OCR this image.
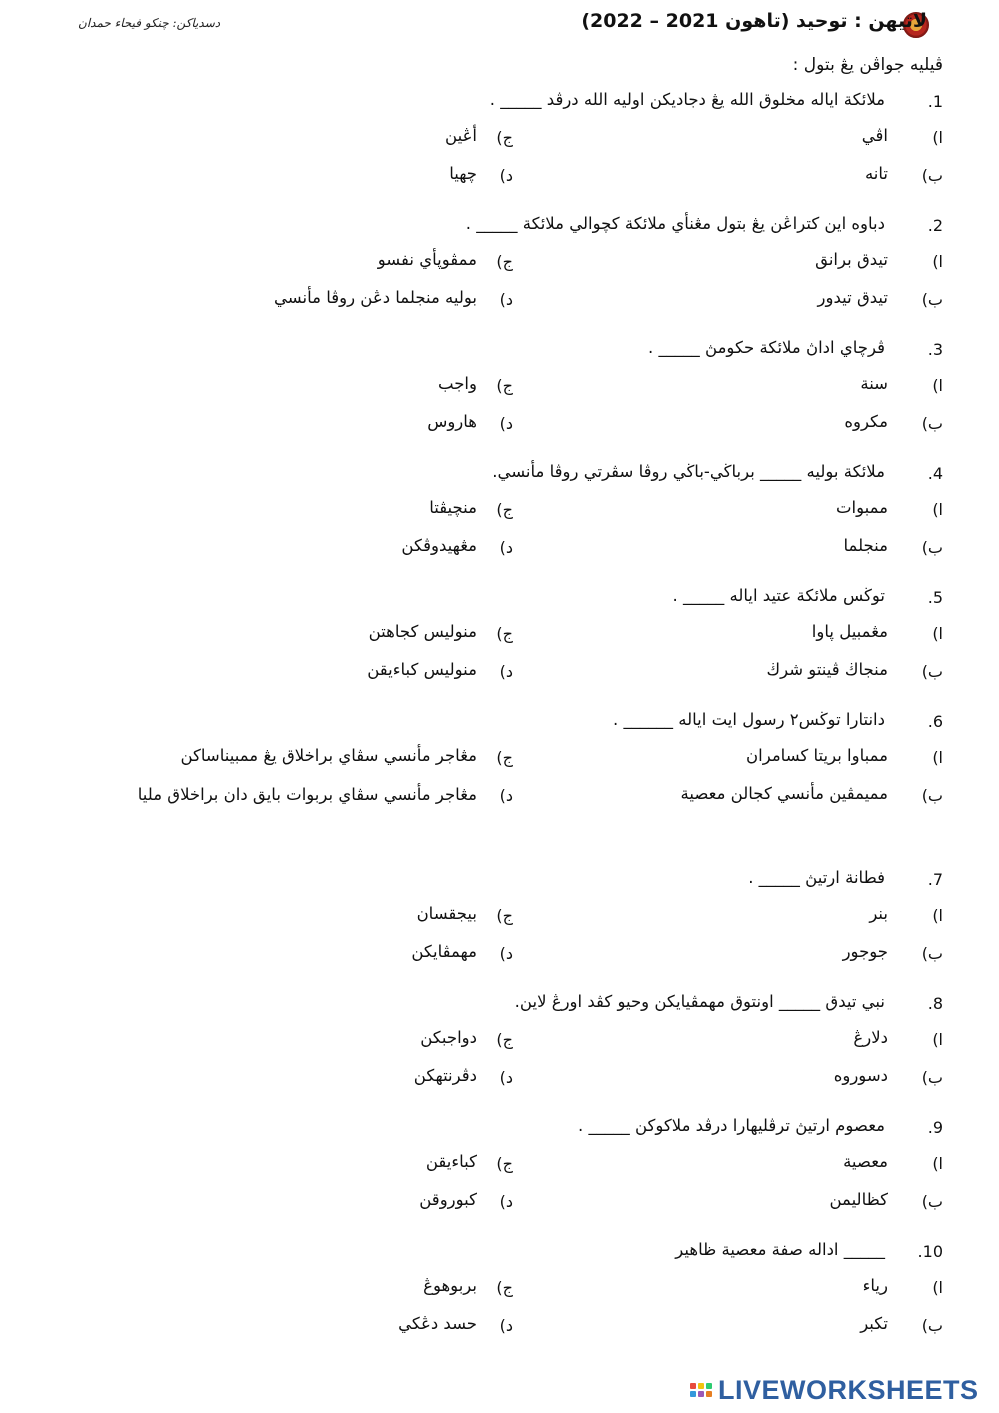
لاتيهن : توحيد (تاهون 2021 – 2022)
دسدياكن: چنكو فيحاء حمدان
ڤيليه جواڤن يڠ بتول :
1.
ملائكة اياله مخلوق الله يڠ دجاديكن اوليه الله درڤد _____ .
ا)
اڤي
ج)
أڠين
ب)
تانه
د)
چهيا
2.
دباوه اين كتراڠن يڠ بتول مڠنأي ملائكة كچوالي ملائكة _____ .
ا)
تيدق برانق
ج)
ممڤوڽأي نفسو
ب)
تيدق تيدور
د)
بوليه منجلما دڠن روڤا مأنسي
3.
ڤرچاي اداڽ ملائكة حكومڽ _____ .
ا)
سنة
ج)
واجب
ب)
مكروه
د)
هاروس
4.
ملائكة بوليه _____ برباڬي-باڬي روڤا سڤرتي روڤا مأنسي.
ا)
ممبوات
ج)
منچيڤتا
ب)
منجلما
د)
مڠهيدوڤكن
5.
توڬس ملائكة عتيد اياله _____ .
ا)
مڠمبيل ڽاوا
ج)
منوليس كجاهتن
ب)
منجاڬ ڤينتو شرڬ
د)
منوليس كباءيقن
6.
دانتارا توڬس٢ رسول ايت اياله ______ .
ا)
ممباوا بريتا كسامران
ج)
مڠاجر مأنسي سڤاي براخلاق يڠ ممبيناساكن
ب)
مميمڤين مأنسي كجالن معصية
د)
مڠاجر مأنسي سڤاي بربوات بايق دان براخلاق مليا
7.
فطانة ارتيڽ _____ .
ا)
بنر
ج)
بيجقسان
ب)
جوجور
د)
مهمڤايكن
8.
نبي تيدق _____ اونتوق مهمڤيايكن وحيو كڤد اورڠ لاين.
ا)
دلارڠ
ج)
دواجبكن
ب)
دسوروه
د)
دڤرنتهكن
9.
معصوم ارتيڽ ترڤليهارا درڤد ملاكوكن _____ .
ا)
معصية
ج)
كباءيقن
ب)
كظاليمن
د)
كبوروقن
10.
_____ اداله صفة معصية ظاهير
ا)
رياء
ج)
بربوهوڠ
ب)
تكبر
د)
حسد دڠكي
LIVEWORKSHEETS
